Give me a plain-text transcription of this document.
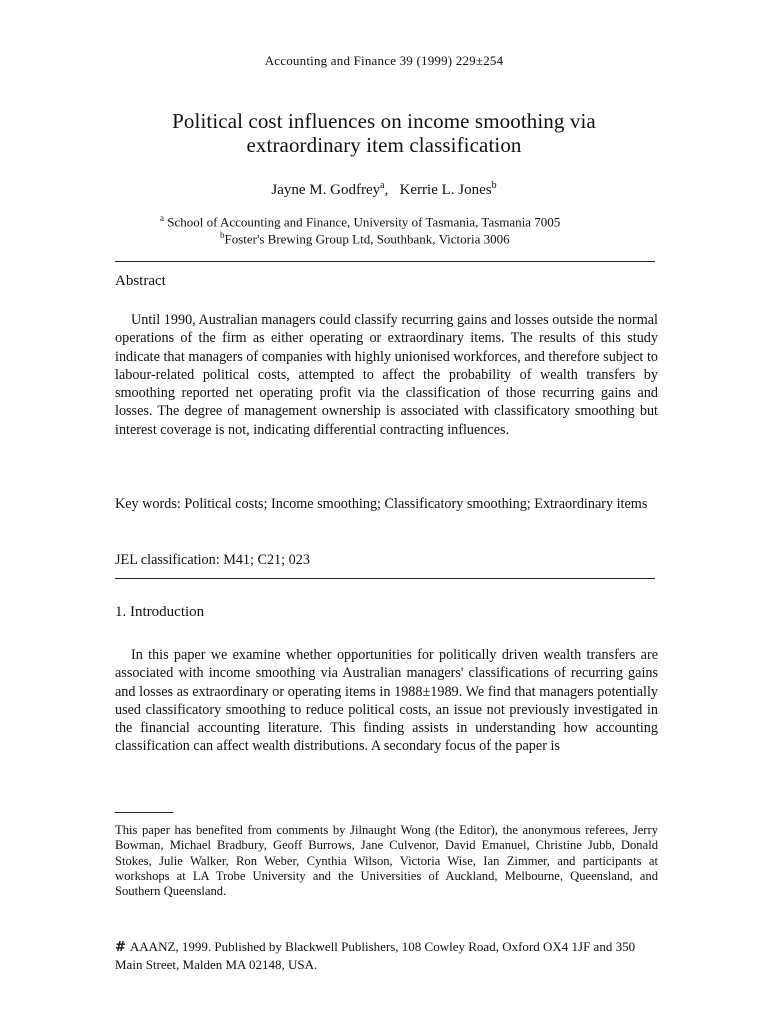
Accounting and Finance 39 (1999) 229±254
Political cost influences on income smoothing via
extraordinary item classification
Jayne M. Godfrey$^a$,   Kerrie L. Jones$^b$
$^a$ School of Accounting and Finance, University of Tasmania, Tasmania 7005
$^b$Foster's Brewing Group Ltd, Southbank, Victoria 3006
Abstract
Until 1990, Australian managers could classify recurring gains and losses outside the normal operations of the firm as either operating or extraordinary items. The results of this study indicate that managers of companies with highly unionised workforces, and therefore subject to labour-related political costs, attempted to affect the probability of wealth transfers by smoothing reported net operating profit via the classification of those recurring gains and losses. The degree of management ownership is associated with classificatory smoothing but interest coverage is not, indicating differential contracting influences.
Key words: Political costs; Income smoothing; Classificatory smoothing; Extraordinary items
JEL classification: M41; C21; 023
1. Introduction
In this paper we examine whether opportunities for politically driven wealth transfers are associated with income smoothing via Australian managers' classifications of recurring gains and losses as extraordinary or operating items in 1988±1989. We find that managers potentially used classificatory smoothing to reduce political costs, an issue not previously investigated in the financial accounting literature. This finding assists in understanding how accounting classification can affect wealth distributions. A secondary focus of the paper is
This paper has benefited from comments by Jilnaught Wong (the Editor), the anonymous referees, Jerry Bowman, Michael Bradbury, Geoff Burrows, Jane Culvenor, David Emanuel, Christine Jubb, Donald Stokes, Julie Walker, Ron Weber, Cynthia Wilson, Victoria Wise, Ian Zimmer, and participants at workshops at LA Trobe University and the Universities of Auckland, Melbourne, Queensland, and Southern Queensland.
# AAANZ, 1999. Published by Blackwell Publishers, 108 Cowley Road, Oxford OX4 1JF and 350 Main Street, Malden MA 02148, USA.
